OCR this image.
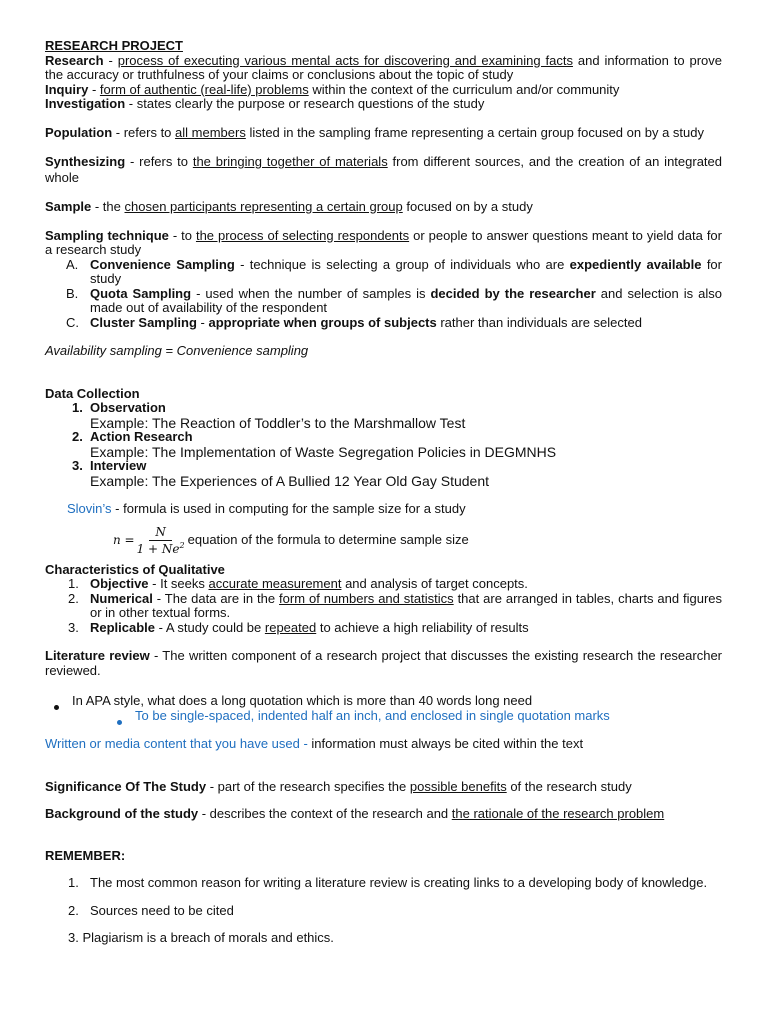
RESEARCH PROJECT

Research - process of executing various mental acts for discovering and examining facts and information to prove the accuracy or truthfulness of your claims or conclusions about the topic of study

Inquiry - form of authentic (real-life) problems within the context of the curriculum and/or community

Investigation - states clearly the purpose or research questions of the study

Population - refers to all members listed in the sampling frame representing a certain group focused on by a study

Synthesizing - refers to the bringing together of materials from different sources, and the creation of an integrated whole

Sample - the chosen participants representing a certain group focused on by a study

Sampling technique - to the process of selecting respondents or people to answer questions meant to yield data for a research study

A. Convenience Sampling - technique is selecting a group of individuals who are expediently available for study

B. Quota Sampling - used when the number of samples is decided by the researcher and selection is also made out of availability of the respondent

C. Cluster Sampling - appropriate when groups of subjects rather than individuals are selected

Availability sampling = Convenience sampling

Data Collection

1. Observation

Example: The Reaction of Toddler’s to the Marshmallow Test

2. Action Research

Example: The Implementation of Waste Segregation Policies in DEGMNHS

3. Interview

Example: The Experiences of A Bullied 12 Year Old Gay Student

Slovin’s - formula is used in computing for the sample size for a study

$n = \frac{N}{1 + Ne^2}$ equation of the formula to determine sample size

Characteristics of Qualitative

1. Objective - It seeks accurate measurement and analysis of target concepts.

2. Numerical - The data are in the form of numbers and statistics that are arranged in tables, charts and figures or in other textual forms.

3. Replicable - A study could be repeated to achieve a high reliability of results

Literature review - The written component of a research project that discusses the existing research the researcher reviewed.

In APA style, what does a long quotation which is more than 40 words long need

To be single-spaced, indented half an inch, and enclosed in single quotation marks

Written or media content that you have used - information must always be cited within the text

Significance Of The Study - part of the research specifies the possible benefits of the research study

Background of the study - describes the context of the research and the rationale of the research problem

REMEMBER:

1. The most common reason for writing a literature review is creating links to a developing body of knowledge.

2. Sources need to be cited

3. Plagiarism is a breach of morals and ethics.
